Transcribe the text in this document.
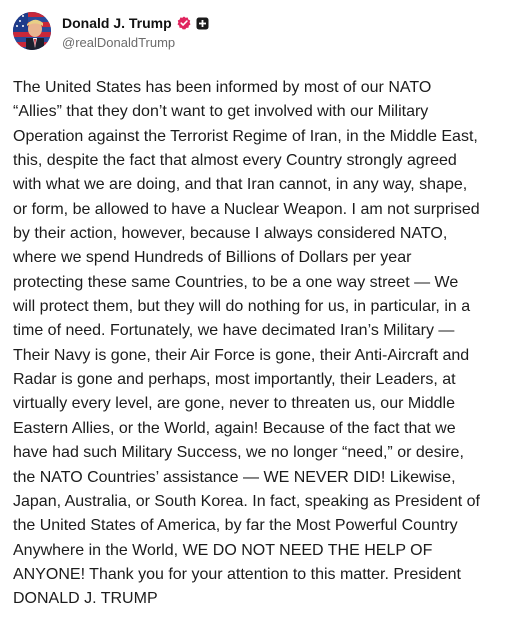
Donald J. Trump
@realDonaldTrump
The United States has been informed by most of our NATO
“Allies” that they don’t want to get involved with our Military
Operation against the Terrorist Regime of Iran, in the Middle East,
this, despite the fact that almost every Country strongly agreed
with what we are doing, and that Iran cannot, in any way, shape,
or form, be allowed to have a Nuclear Weapon. I am not surprised
by their action, however, because I always considered NATO,
where we spend Hundreds of Billions of Dollars per year
protecting these same Countries, to be a one way street — We
will protect them, but they will do nothing for us, in particular, in a
time of need. Fortunately, we have decimated Iran’s Military —
Their Navy is gone, their Air Force is gone, their Anti-Aircraft and
Radar is gone and perhaps, most importantly, their Leaders, at
virtually every level, are gone, never to threaten us, our Middle
Eastern Allies, or the World, again! Because of the fact that we
have had such Military Success, we no longer “need,” or desire,
the NATO Countries’ assistance — WE NEVER DID! Likewise,
Japan, Australia, or South Korea. In fact, speaking as President of
the United States of America, by far the Most Powerful Country
Anywhere in the World, WE DO NOT NEED THE HELP OF
ANYONE! Thank you for your attention to this matter. President
DONALD J. TRUMP
